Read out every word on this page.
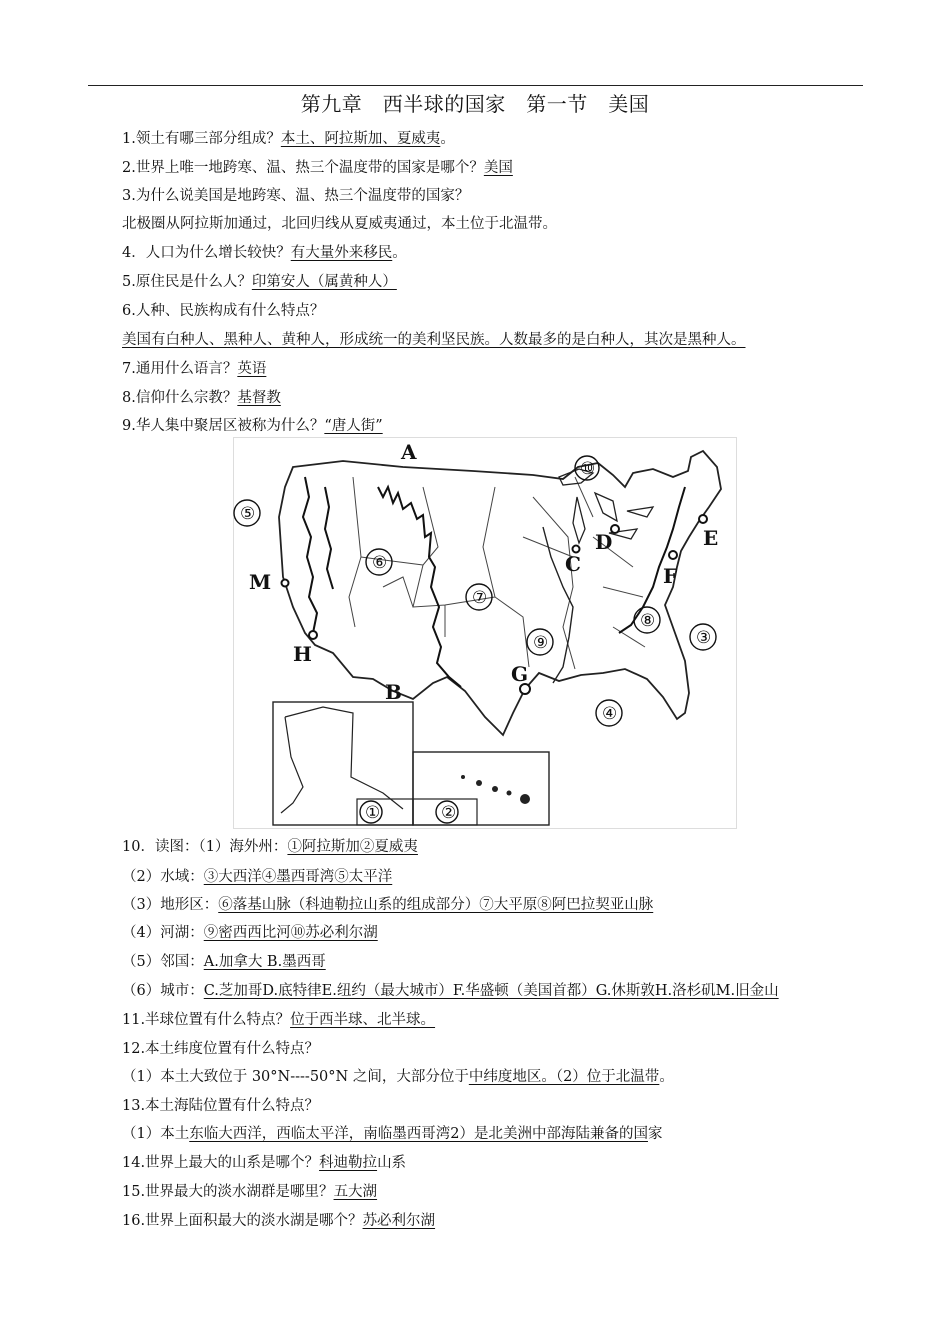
第九章　西半球的国家　第一节　美国
1.领土有哪三部分组成？本土、阿拉斯加、夏威夷。
2.世界上唯一地跨寒、温、热三个温度带的国家是哪个？美国
3.为什么说美国是地跨寒、温、热三个温度带的国家？
北极圈从阿拉斯加通过，北回归线从夏威夷通过，本土位于北温带。
4．人口为什么增长较快？有大量外来移民。
5.原住民是什么人？印第安人（属黄种人）
6.人种、民族构成有什么特点？
美国有白种人、黑种人、黄种人，形成统一的美利坚民族。人数最多的是白种人，其次是黑种人。
7.通用什么语言？英语
8.信仰什么宗教？基督教
9.华人集中聚居区被称为什么？“唐人街”
A
B
C
D	E
F
G
H
M
①	②
③
④
⑤
⑥
⑦
⑧
⑨
⑩
10．读图：（1）海外州：①阿拉斯加②夏威夷
（2）水域：③大西洋④墨西哥湾⑤太平洋
（3）地形区：⑥落基山脉（科迪勒拉山系的组成部分）⑦大平原⑧阿巴拉契亚山脉
（4）河湖：⑨密西西比河⑩苏必利尔湖
（5）邻国：A.加拿大 B.墨西哥
（6）城市：C.芝加哥D.底特律E.纽约（最大城市）F.华盛顿（美国首都）G.休斯敦H.洛杉矶M.旧金山
11.半球位置有什么特点？位于西半球、北半球。
12.本土纬度位置有什么特点？
（1）本土大致位于 30°N----50°N 之间，大部分位于中纬度地区。（2）位于北温带。
13.本土海陆位置有什么特点？
（1）本土东临大西洋，西临太平洋，南临墨西哥湾2）是北美洲中部海陆兼备的国家
14.世界上最大的山系是哪个？科迪勒拉山系
15.世界最大的淡水湖群是哪里？五大湖
16.世界上面积最大的淡水湖是哪个？苏必利尔湖
